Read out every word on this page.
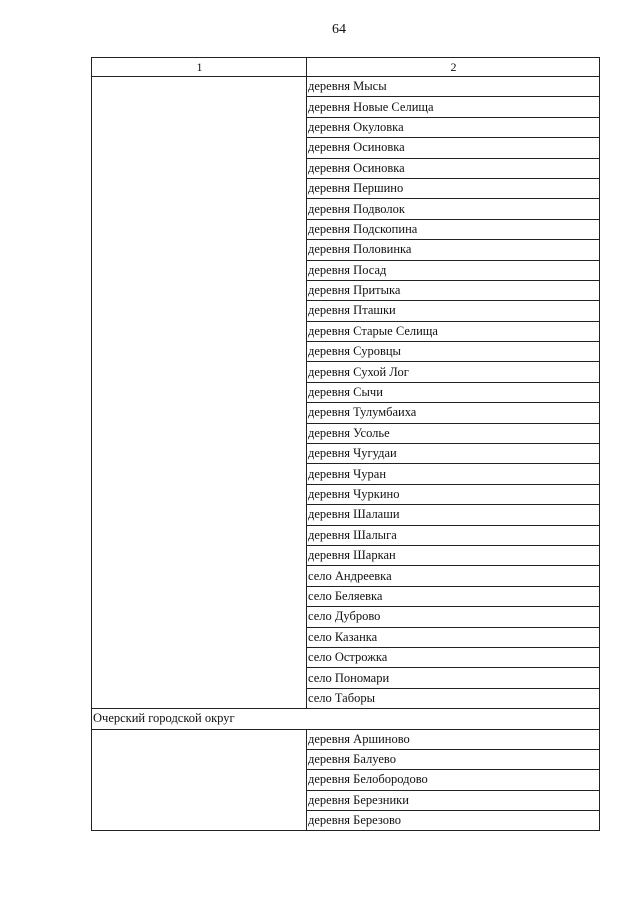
64
1	2
	деревня Мысы
	деревня Новые Селища
	деревня Окуловка
	деревня Осиновка
	деревня Осиновка
	деревня Першино
	деревня Подволок
	деревня Подскопина
	деревня Половинка
	деревня Посад
	деревня Притыка
	деревня Пташки
	деревня Старые Селища
	деревня Суровцы
	деревня Сухой Лог
	деревня Сычи
	деревня Тулумбаиха
	деревня Усолье
	деревня Чугудаи
	деревня Чуран
	деревня Чуркино
	деревня Шалаши
	деревня Шалыга
	деревня Шаркан
	село Андреевка
	село Беляевка
	село Дуброво
	село Казанка
	село Острожка
	село Пономари
	село Таборы
Очерский городской округ	
	деревня Аршиново
	деревня Балуево
	деревня Белобородово
	деревня Березники
	деревня Березово
